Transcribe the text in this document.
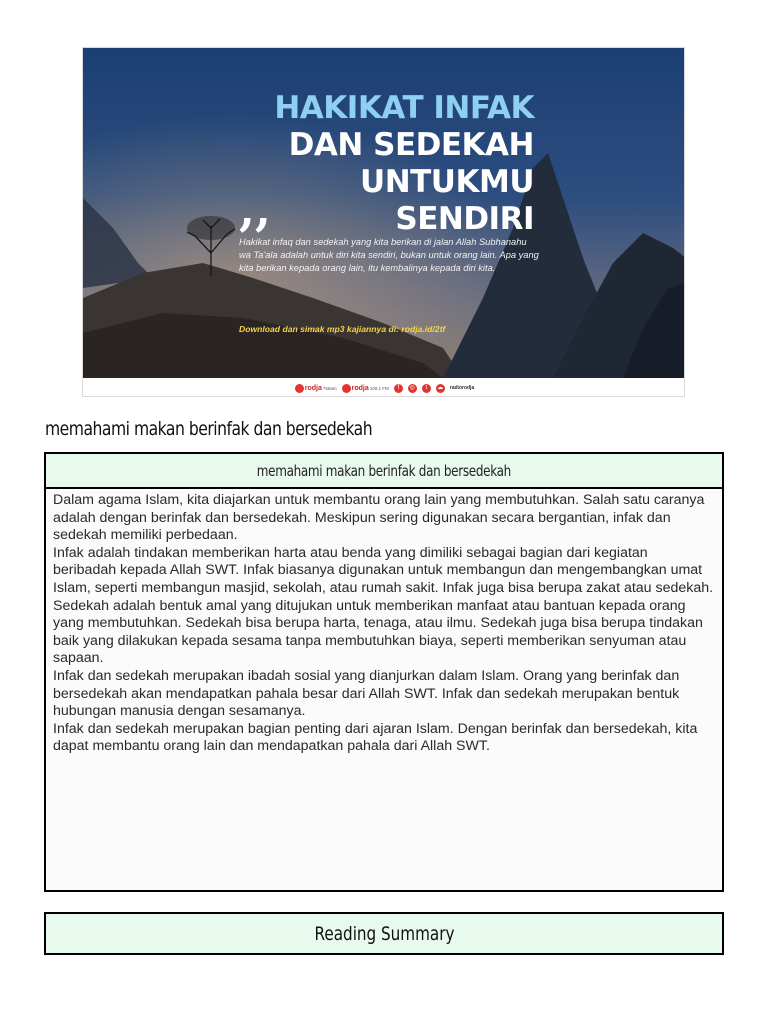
HAKIKAT INFAK DAN SEDEKAH UNTUKMU SENDIRI
,,
Hakikat infaq dan sedekah yang kita berikan di jalan Allah Subhanahu wa Ta'ala adalah untuk diri kita sendiri, bukan untuk orang lain. Apa yang kita berikan kepada orang lain, itu kembalinya kepada diri kita.
Download dan simak mp3 kajiannya di: rodja.id/2tf
rodja 756am rodja 100.1 FM	f	◎	t	☁	radiorodja
memahami makan berinfak dan bersedekah
memahami makan berinfak dan bersedekah

Dalam agama Islam, kita diajarkan untuk membantu orang lain yang membutuhkan. Salah satu caranya adalah dengan berinfak dan bersedekah. Meskipun sering digunakan secara bergantian, infak dan sedekah memiliki perbedaan.

Infak adalah tindakan memberikan harta atau benda yang dimiliki sebagai bagian dari kegiatan beribadah kepada Allah SWT. Infak biasanya digunakan untuk membangun dan mengembangkan umat Islam, seperti membangun masjid, sekolah, atau rumah sakit. Infak juga bisa berupa zakat atau sedekah.

Sedekah adalah bentuk amal yang ditujukan untuk memberikan manfaat atau bantuan kepada orang yang membutuhkan. Sedekah bisa berupa harta, tenaga, atau ilmu. Sedekah juga bisa berupa tindakan baik yang dilakukan kepada sesama tanpa membutuhkan biaya, seperti memberikan senyuman atau sapaan.

Infak dan sedekah merupakan ibadah sosial yang dianjurkan dalam Islam. Orang yang berinfak dan bersedekah akan mendapatkan pahala besar dari Allah SWT. Infak dan sedekah merupakan bentuk hubungan manusia dengan sesamanya.

Infak dan sedekah merupakan bagian penting dari ajaran Islam. Dengan berinfak dan bersedekah, kita dapat membantu orang lain dan mendapatkan pahala dari Allah SWT.

Reading Summary
